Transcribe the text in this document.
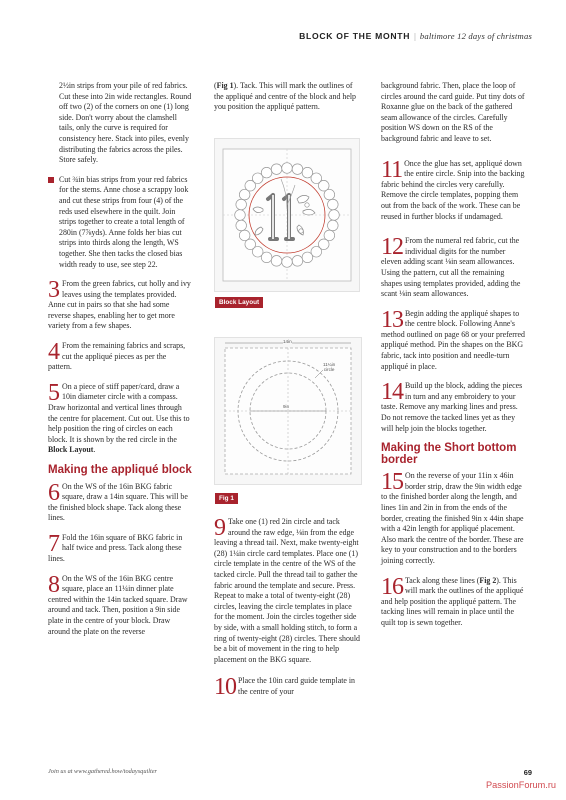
BLOCK OF THE MONTH | baltimore 12 days of christmas

2½in strips from your pile of red fabrics. Cut these into 2in wide rectangles. Round off two (2) of the corners on one (1) long side. Don't worry about the clamshell tails, only the curve is required for consistency here. Stack into piles, evenly distributing the fabrics across the piles. Store safely.

Cut ¾in bias strips from your red fabrics for the stems. Anne chose a scrappy look and cut these strips from four (4) of the reds used elsewhere in the quilt. Join strips together to create a total length of 280in (7⅞yds). Anne folds her bias cut strips into thirds along the length, WS together. She then tacks the closed bias width ready to use, see step 22.

3 From the green fabrics, cut holly and ivy leaves using the templates provided. Anne cut in pairs so that she had some reverse shapes, enabling her to get more variety from a few shapes.

4 From the remaining fabrics and scraps, cut the appliqué pieces as per the pattern.

5 On a piece of stiff paper/card, draw a 10in diameter circle with a compass. Draw horizontal and vertical lines through the centre for placement. Cut out. Use this to help position the ring of circles on each block. It is shown by the red circle in the Block Layout.

Making the appliqué block

6 On the WS of the 16in BKG fabric square, draw a 14in square. This will be the finished block shape. Tack along these lines.

7 Fold the 16in square of BKG fabric in half twice and press. Tack along these lines.

8 On the WS of the 16in BKG centre square, place an 11¼in dinner plate centred within the 14in tacked square. Draw around and tack. Then, position a 9in side plate in the centre of your block. Draw around the plate on the reverse

(Fig 1). Tack. This will mark the outlines of the appliqué and centre of the block and help you position the appliqué pattern.

Block Layout
14in
9in
11¼in
circle
Fig 1

9 Take one (1) red 2in circle and tack around the raw edge, ⅛in from the edge leaving a thread tail. Next, make twenty-eight (28) 1¼in circle card templates. Place one (1) circle template in the centre of the WS of the tacked circle. Pull the thread tail to gather the fabric around the template and secure. Press. Repeat to make a total of twenty-eight (28) circles, leaving the circle templates in place for the moment. Join the circles together side by side, with a small holding stitch, to form a ring of twenty-eight (28) circles. There should be a bit of movement in the ring to help placement on the BKG square.

10 Place the 10in card guide template in the centre of your

background fabric. Then, place the loop of circles around the card guide. Put tiny dots of Roxanne glue on the back of the gathered seam allowance of the circles. Carefully position WS down on the RS of the background fabric and leave to set.

11 Once the glue has set, appliqué down the entire circle. Snip into the backing fabric behind the circles very carefully. Remove the circle templates, popping them out from the back of the work. These can be reused in further blocks if undamaged.

12 From the numeral red fabric, cut the individual digits for the number eleven adding scant ⅛in seam allowances. Using the pattern, cut all the remaining shapes using templates provided, adding the scant ⅛in seam allowances.

13 Begin adding the appliqué shapes to the centre block. Following Anne's method outlined on page 68 or your preferred appliqué method. Pin the shapes on the BKG fabric, tack into position and needle-turn appliqué in place.

14 Build up the block, adding the pieces in turn and any embroidery to your taste. Remove any marking lines and press. Do not remove the tacked lines yet as they will help join the blocks together.

Making the Short bottom border

15 On the reverse of your 11in x 46in border strip, draw the 9in width edge to the finished border along the length, and lines 1in and 2in in from the ends of the border, creating the finished 9in x 44in shape with a 42in length for appliqué placement. Also mark the centre of the border. These are key to your construction and to the borders joining correctly.

16 Tack along these lines (Fig 2). This will mark the outlines of the appliqué and help position the appliqué pattern. The tacking lines will remain in place until the quilt top is sewn together.

Join us at www.gathered.how/todaysquilter	69
PassionForum.ru
